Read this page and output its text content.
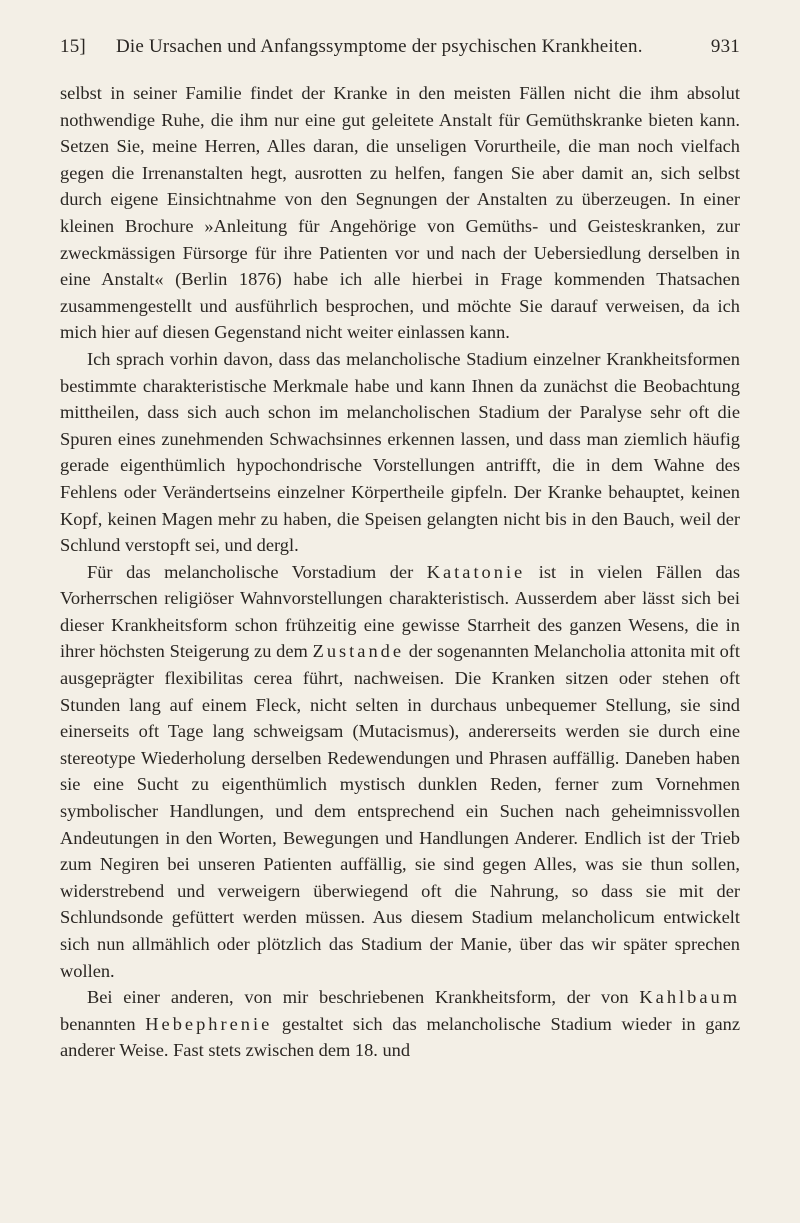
15] Die Ursachen und Anfangssymptome der psychischen Krankheiten.	931

selbst in seiner Familie findet der Kranke in den meisten Fällen nicht die ihm absolut nothwendige Ruhe, die ihm nur eine gut geleitete Anstalt für Gemüthskranke bieten kann. Setzen Sie, meine Herren, Alles daran, die unseligen Vorurtheile, die man noch vielfach gegen die Irrenanstalten hegt, ausrotten zu helfen, fangen Sie aber damit an, sich selbst durch eigene Einsichtnahme von den Segnungen der Anstalten zu überzeugen. In einer kleinen Brochure »Anleitung für Angehörige von Gemüths- und Geisteskranken, zur zweckmässigen Fürsorge für ihre Patienten vor und nach der Uebersiedlung derselben in eine Anstalt« (Berlin 1876) habe ich alle hierbei in Frage kommenden Thatsachen zusammengestellt und ausführlich besprochen, und möchte Sie darauf verweisen, da ich mich hier auf diesen Gegenstand nicht weiter einlassen kann.

Ich sprach vorhin davon, dass das melancholische Stadium einzelner Krankheitsformen bestimmte charakteristische Merkmale habe und kann Ihnen da zunächst die Beobachtung mittheilen, dass sich auch schon im melancholischen Stadium der Paralyse sehr oft die Spuren eines zunehmenden Schwachsinnes erkennen lassen, und dass man ziemlich häufig gerade eigenthümlich hypochondrische Vorstellungen antrifft, die in dem Wahne des Fehlens oder Verändertseins einzelner Körpertheile gipfeln. Der Kranke behauptet, keinen Kopf, keinen Magen mehr zu haben, die Speisen gelangten nicht bis in den Bauch, weil der Schlund verstopft sei, und dergl.

Für das melancholische Vorstadium der Katatonie ist in vielen Fällen das Vorherrschen religiöser Wahnvorstellungen charakteristisch. Ausserdem aber lässt sich bei dieser Krankheitsform schon frühzeitig eine gewisse Starrheit des ganzen Wesens, die in ihrer höchsten Steigerung zu dem Zustande der sogenannten Melancholia attonita mit oft ausgeprägter flexibilitas cerea führt, nachweisen. Die Kranken sitzen oder stehen oft Stunden lang auf einem Fleck, nicht selten in durchaus unbequemer Stellung, sie sind einerseits oft Tage lang schweigsam (Mutacismus), andererseits werden sie durch eine stereotype Wiederholung derselben Redewendungen und Phrasen auffällig. Daneben haben sie eine Sucht zu eigenthümlich mystisch dunklen Reden, ferner zum Vornehmen symbolischer Handlungen, und dem entsprechend ein Suchen nach geheimnissvollen Andeutungen in den Worten, Bewegungen und Handlungen Anderer. Endlich ist der Trieb zum Negiren bei unseren Patienten auffällig, sie sind gegen Alles, was sie thun sollen, widerstrebend und verweigern überwiegend oft die Nahrung, so dass sie mit der Schlundsonde gefüttert werden müssen. Aus diesem Stadium melancholicum entwickelt sich nun allmählich oder plötzlich das Stadium der Manie, über das wir später sprechen wollen.

Bei einer anderen, von mir beschriebenen Krankheitsform, der von Kahlbaum benannten Hebephrenie gestaltet sich das melancholische Stadium wieder in ganz anderer Weise. Fast stets zwischen dem 18. und
